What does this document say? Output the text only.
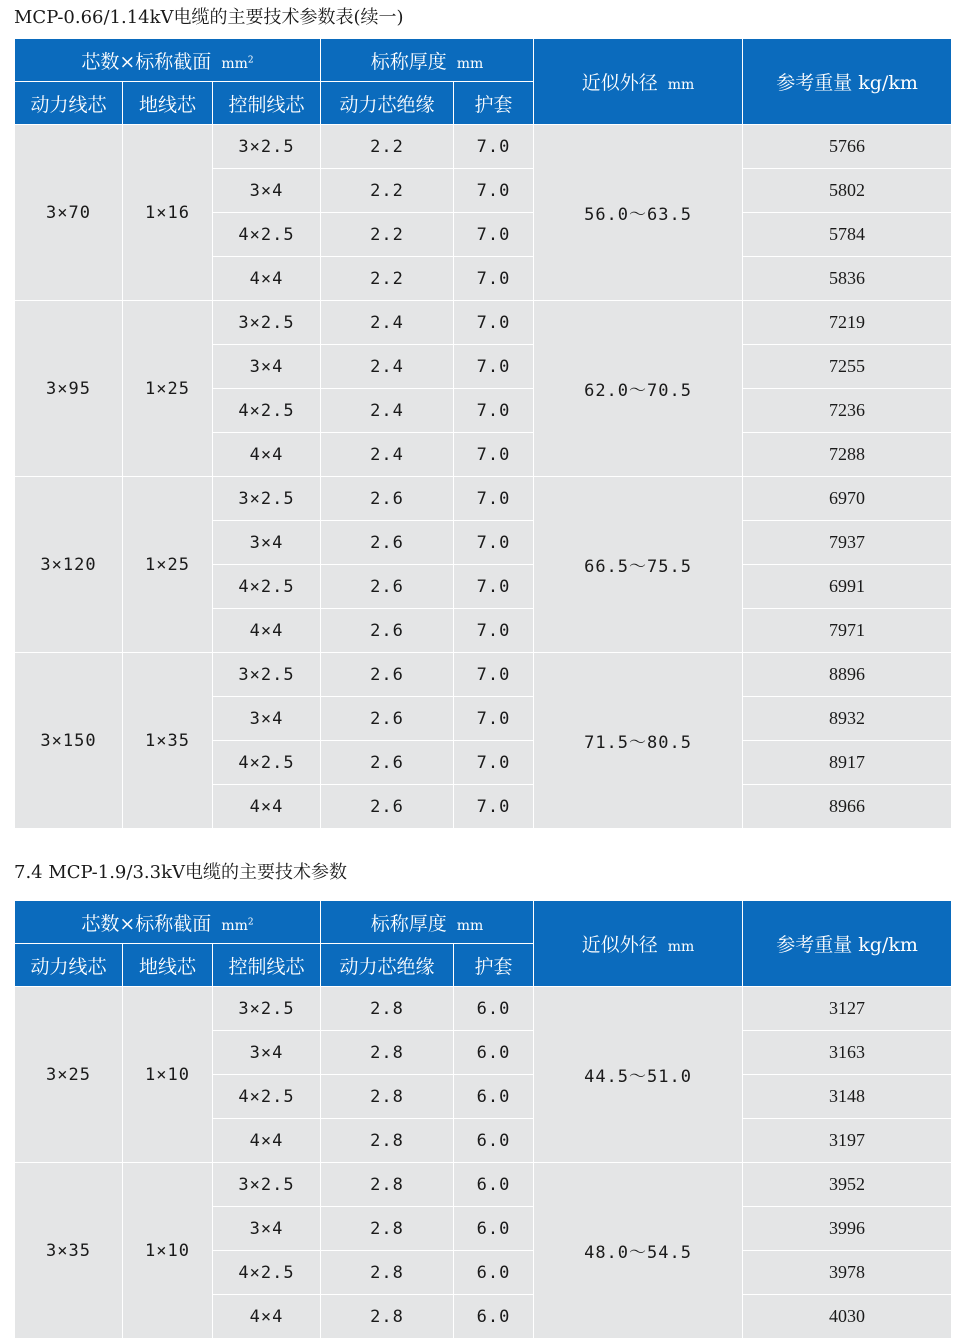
MCP-0.66/1.14kV电缆的主要技术参数表(续一)
芯数×标称截面 $mm^2$			标称厚度 mm		近似外径 mm	参考重量 kg/km
动力线芯	地线芯	控制线芯	动力芯绝缘	护套		
3×70	1×16	3×2.5	2.2	7.0	56.0～63.5	5766
		3×4	2.2	7.0		5802
		4×2.5	2.2	7.0		5784
		4×4	2.2	7.0		5836
3×95	1×25	3×2.5	2.4	7.0	62.0～70.5	7219
		3×4	2.4	7.0		7255
		4×2.5	2.4	7.0		7236
		4×4	2.4	7.0		7288
3×120	1×25	3×2.5	2.6	7.0	66.5～75.5	6970
		3×4	2.6	7.0		7937
		4×2.5	2.6	7.0		6991
		4×4	2.6	7.0		7971
3×150	1×35	3×2.5	2.6	7.0	71.5～80.5	8896
		3×4	2.6	7.0		8932
		4×2.5	2.6	7.0		8917
		4×4	2.6	7.0		8966
7.4 MCP-1.9/3.3kV电缆的主要技术参数
芯数×标称截面 $mm^2$			标称厚度 mm		近似外径 mm	参考重量 kg/km
动力线芯	地线芯	控制线芯	动力芯绝缘	护套		
3×25	1×10	3×2.5	2.8	6.0	44.5～51.0	3127
		3×4	2.8	6.0		3163
		4×2.5	2.8	6.0		3148
		4×4	2.8	6.0		3197
3×35	1×10	3×2.5	2.8	6.0	48.0～54.5	3952
		3×4	2.8	6.0		3996
		4×2.5	2.8	6.0		3978
		4×4	2.8	6.0		4030
